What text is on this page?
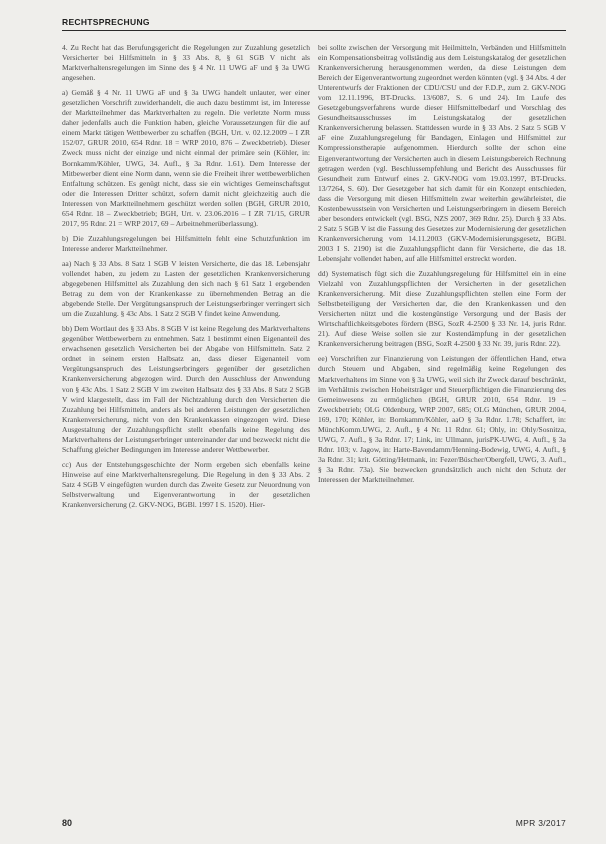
RECHTSPRECHUNG

4. Zu Recht hat das Berufungsgericht die Regelungen zur Zuzahlung gesetzlich Versicherter bei Hilfsmitteln in § 33 Abs. 8, § 61 SGB V nicht als Marktverhaltensregelungen im Sinne des § 4 Nr. 11 UWG aF und § 3a UWG angesehen.

a) Gemäß § 4 Nr. 11 UWG aF und § 3a UWG handelt unlauter, wer einer gesetzlichen Vorschrift zuwiderhandelt, die auch dazu bestimmt ist, im Interesse der Marktteilnehmer das Marktverhalten zu regeln. Die verletzte Norm muss daher jedenfalls auch die Funktion haben, gleiche Voraussetzungen für die auf einem Markt tätigen Wettbewerber zu schaffen (BGH, Urt. v. 02.12.2009 – I ZR 152/07, GRUR 2010, 654 Rdnr. 18 = WRP 2010, 876 – Zweckbetrieb). Dieser Zweck muss nicht der einzige und nicht einmal der primäre sein (Köhler, in: Bornkamm/Köhler, UWG, 34. Aufl., § 3a Rdnr. 1.61). Dem Interesse der Mitbewerber dient eine Norm dann, wenn sie die Freiheit ihrer wettbewerblichen Entfaltung schützen. Es genügt nicht, dass sie ein wichtiges Gemeinschaftsgut oder die Interessen Dritter schützt, sofern damit nicht gleichzeitig auch die Interessen von Marktteilnehmern geschützt werden sollen (BGH, GRUR 2010, 654 Rdnr. 18 – Zweckbetrieb; BGH, Urt. v. 23.06.2016 – I ZR 71/15, GRUR 2017, 95 Rdnr. 21 = WRP 2017, 69 – Arbeitnehmerüberlassung).

b) Die Zuzahlungsregelungen bei Hilfsmitteln fehlt eine Schutzfunktion im Interesse anderer Marktteilnehmer.

aa) Nach § 33 Abs. 8 Satz 1 SGB V leisten Versicherte, die das 18. Lebensjahr vollendet haben, zu jedem zu Lasten der gesetzlichen Krankenversicherung abgegebenen Hilfsmittel als Zuzahlung den sich nach § 61 Satz 1 ergebenden Betrag zu dem von der Krankenkasse zu übernehmenden Betrag an die abgebende Stelle. Der Vergütungsanspruch der Leistungserbringer verringert sich um die Zuzahlung. § 43c Abs. 1 Satz 2 SGB V findet keine Anwendung.

bb) Dem Wortlaut des § 33 Abs. 8 SGB V ist keine Regelung des Marktverhaltens gegenüber Wettbewerbern zu entnehmen. Satz 1 bestimmt einen Eigenanteil des erwachsenen gesetzlich Versicherten bei der Abgabe von Hilfsmitteln. Satz 2 ordnet in seinem ersten Halbsatz an, dass dieser Eigenanteil vom Vergütungsanspruch des Leistungserbringers gegenüber der gesetzlichen Krankenversicherung abgezogen wird. Durch den Ausschluss der Anwendung von § 43c Abs. 1 Satz 2 SGB V im zweiten Halbsatz des § 33 Abs. 8 Satz 2 SGB V wird klargestellt, dass im Fall der Nichtzahlung durch den Versicherten die Zuzahlung bei Hilfsmitteln, anders als bei anderen Leistungen der gesetzlichen Krankenversicherung, nicht von den Krankenkassen eingezogen wird. Diese Ausgestaltung der Zuzahlungspflicht stellt ebenfalls keine Regelung des Marktverhaltens der Leistungserbringer untereinander dar und bezweckt nicht die Schaffung gleicher Bedingungen im Interesse anderer Wettbewerber.

cc) Aus der Entstehungsgeschichte der Norm ergeben sich ebenfalls keine Hinweise auf eine Marktverhaltensregelung. Die Regelung in den § 33 Abs. 2 Satz 4 SGB V eingefügten wurden durch das Zweite Gesetz zur Neuordnung von Selbstverwaltung und Eigenverantwortung in der gesetzlichen Krankenversicherung (2. GKV-NOG, BGBl. 1997 I S. 1520). Hier-

bei sollte zwischen der Versorgung mit Heilmitteln, Verbänden und Hilfsmitteln ein Kompensationsbeitrag vollständig aus dem Leistungskatalog der gesetzlichen Krankenversicherung herausgenommen werden, da diese Leistungen dem Bereich der Eigenverantwortung zugeordnet werden könnten (vgl. § 34 Abs. 4 der Unterentwurfs der Fraktionen der CDU/CSU und der F.D.P., zum 2. GKV-NOG vom 12.11.1996, BT-Drucks. 13/6087, S. 6 und 24). Im Laufe des Gesetzgebungsverfahrens wurde dieser Hilfsmittelbedarf und Vorschlag des Gesundheitsausschusses im Leistungskatalog der gesetzlichen Krankenversicherung belassen. Stattdessen wurde in § 33 Abs. 2 Satz 5 SGB V aF eine Zuzahlungsregelung für Bandagen, Einlagen und Hilfsmittel zur Kompressionstherapie aufgenommen. Hierdurch sollte der schon eine Eigenverantwortung der Versicherten auch in diesem Leistungsbereich Rechnung getragen werden (vgl. Beschlussempfehlung und Bericht des Ausschusses für Gesundheit zum Entwurf eines 2. GKV-NOG vom 19.03.1997, BT-Drucks. 13/7264, S. 60). Der Gesetzgeber hat sich damit für ein Konzept entschieden, dass die Versorgung mit diesen Hilfsmitteln zwar weiterhin gewährleistet, die Kostenbewusstsein von Versicherten und Leistungserbringern in diesem Bereich aber besonders entwickelt (vgl. BSG, NZS 2007, 369 Rdnr. 25). Durch § 33 Abs. 2 Satz 5 SGB V ist die Fassung des Gesetzes zur Modernisierung der gesetzlichen Krankenversicherung vom 14.11.2003 (GKV-Modernisierungsgesetz, BGBl. 2003 I S. 2190) ist die Zuzahlungspflicht dann für Versicherte, die das 18. Lebensjahr vollendet haben, auf alle Hilfsmittel erstreckt worden.

dd) Systematisch fügt sich die Zuzahlungsregelung für Hilfsmittel ein in eine Vielzahl von Zuzahlungspflichten der Versicherten in der gesetzlichen Krankenversicherung. Mit diese Zuzahlungspflichten stellen eine Form der Selbstbeteiligung der Versicherten dar, die den Krankenkassen und den Versicherten nützt und die kostengünstige Versorgung und der Basis der Wirtschaftlichkeitsgebotes fördern (BSG, SozR 4-2500 § 33 Nr. 14, juris Rdnr. 21). Auf diese Weise sollen sie zur Kostendämpfung in der gesetzlichen Krankenversicherung beitragen (BSG, SozR 4-2500 § 33 Nr. 39, juris Rdnr. 22).

ee) Vorschriften zur Finanzierung von Leistungen der öffentlichen Hand, etwa durch Steuern und Abgaben, sind regelmäßig keine Regelungen des Marktverhaltens im Sinne von § 3a UWG, weil sich ihr Zweck darauf beschränkt, im Verhältnis zwischen Hoheitsträger und Steuerpflichtigen die Finanzierung des Gemeinwesens zu ermöglichen (BGH, GRUR 2010, 654 Rdnr. 19 – Zweckbetrieb; OLG Oldenburg, WRP 2007, 685; OLG München, GRUR 2004, 169, 170; Köhler, in: Bornkamm/Köhler, aaO § 3a Rdnr. 1.78; Schaffert, in: MünchKomm.UWG, 2. Aufl., § 4 Nr. 11 Rdnr. 61; Ohly, in: Ohly/Sosnitza, UWG, 7. Aufl., § 3a Rdnr. 17; Link, in: Ullmann, jurisPK-UWG, 4. Aufl., § 3a Rdnr. 103; v. Jagow, in: Harte-Bavendamm/Henning-Bodewig, UWG, 4. Aufl., § 3a Rdnr. 31; krit. Götting/Hetmank, in: Fezer/Büscher/Obergfell, UWG, 3. Aufl., § 3a Rdnr. 73a). Sie bezwecken grundsätzlich auch nicht den Schutz der Interessen der Marktteilnehmer.

80	MPR 3/2017
